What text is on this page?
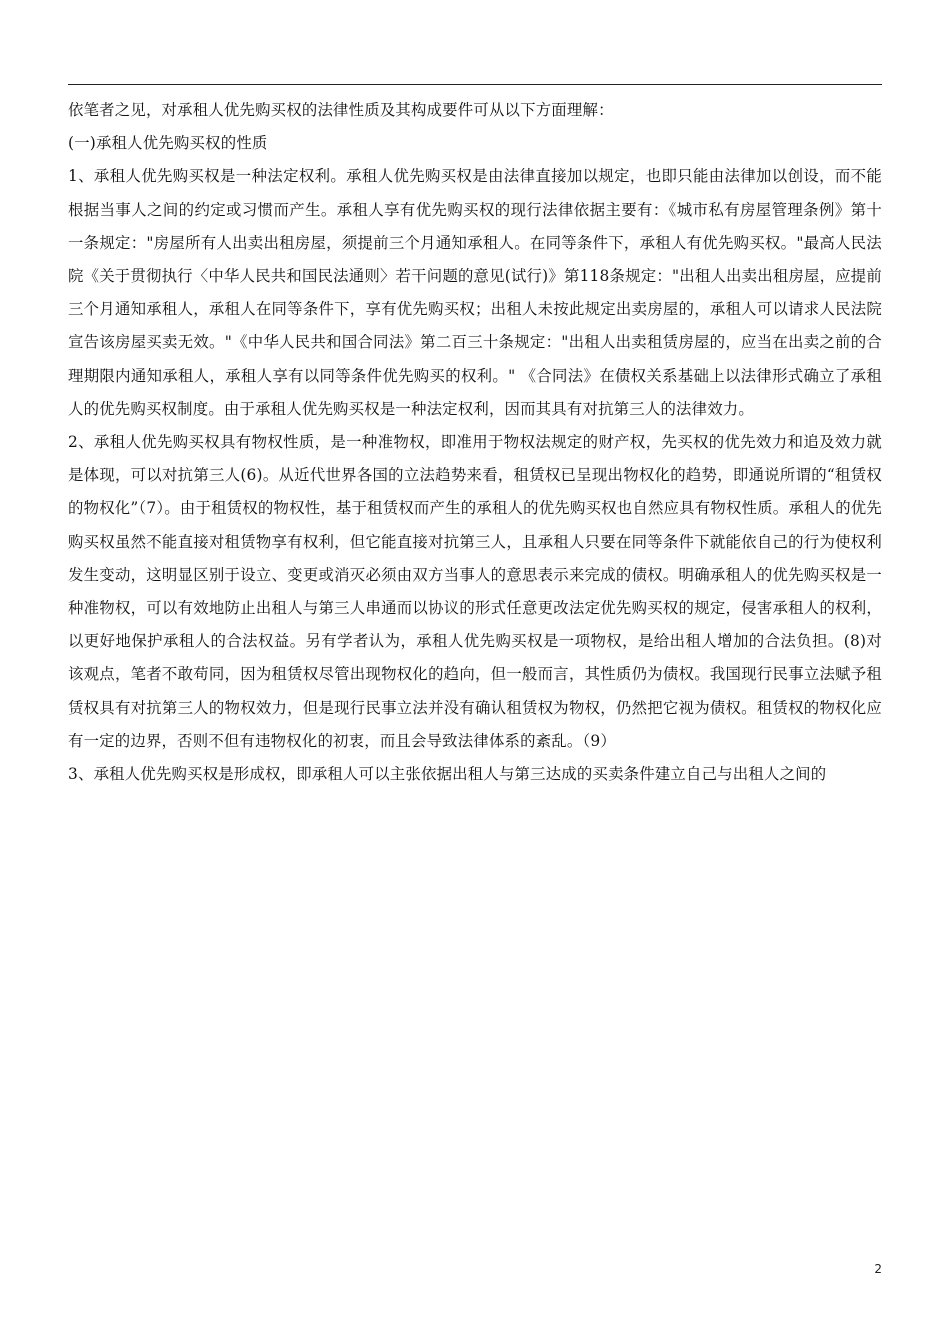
依笔者之见，对承租人优先购买权的法律性质及其构成要件可从以下方面理解：

(一)承租人优先购买权的性质

1、承租人优先购买权是一种法定权利。承租人优先购买权是由法律直接加以规定，也即只能由法律加以创设，而不能根据当事人之间的约定或习惯而产生。承租人享有优先购买权的现行法律依据主要有：《城市私有房屋管理条例》第十一条规定："房屋所有人出卖出租房屋，须提前三个月通知承租人。在同等条件下，承租人有优先购买权。"最高人民法院《关于贯彻执行〈中华人民共和国民法通则〉若干问题的意见(试行)》第118条规定："出租人出卖出租房屋，应提前三个月通知承租人，承租人在同等条件下，享有优先购买权；出租人未按此规定出卖房屋的，承租人可以请求人民法院宣告该房屋买卖无效。"《中华人民共和国合同法》第二百三十条规定："出租人出卖租赁房屋的，应当在出卖之前的合理期限内通知承租人，承租人享有以同等条件优先购买的权利。" 《合同法》在债权关系基础上以法律形式确立了承租人的优先购买权制度。由于承租人优先购买权是一种法定权利，因而其具有对抗第三人的法律效力。

2、承租人优先购买权具有物权性质，是一种准物权，即准用于物权法规定的财产权，先买权的优先效力和追及效力就是体现，可以对抗第三人(6)。从近代世界各国的立法趋势来看，租赁权已呈现出物权化的趋势，即通说所谓的“租赁权的物权化”（7）。由于租赁权的物权性，基于租赁权而产生的承租人的优先购买权也自然应具有物权性质。承租人的优先购买权虽然不能直接对租赁物享有权利，但它能直接对抗第三人，且承租人只要在同等条件下就能依自己的行为使权利发生变动，这明显区别于设立、变更或消灭必须由双方当事人的意思表示来完成的债权。明确承租人的优先购买权是一种准物权，可以有效地防止出租人与第三人串通而以协议的形式任意更改法定优先购买权的规定，侵害承租人的权利，以更好地保护承租人的合法权益。另有学者认为，承租人优先购买权是一项物权，是给出租人增加的合法负担。(8)对该观点，笔者不敢苟同，因为租赁权尽管出现物权化的趋向，但一般而言，其性质仍为债权。我国现行民事立法赋予租赁权具有对抗第三人的物权效力，但是现行民事立法并没有确认租赁权为物权，仍然把它视为债权。租赁权的物权化应有一定的边界，否则不但有违物权化的初衷，而且会导致法律体系的紊乱。（9）

3、承租人优先购买权是形成权，即承租人可以主张依据出租人与第三达成的买卖条件建立自己与出租人之间的

2
